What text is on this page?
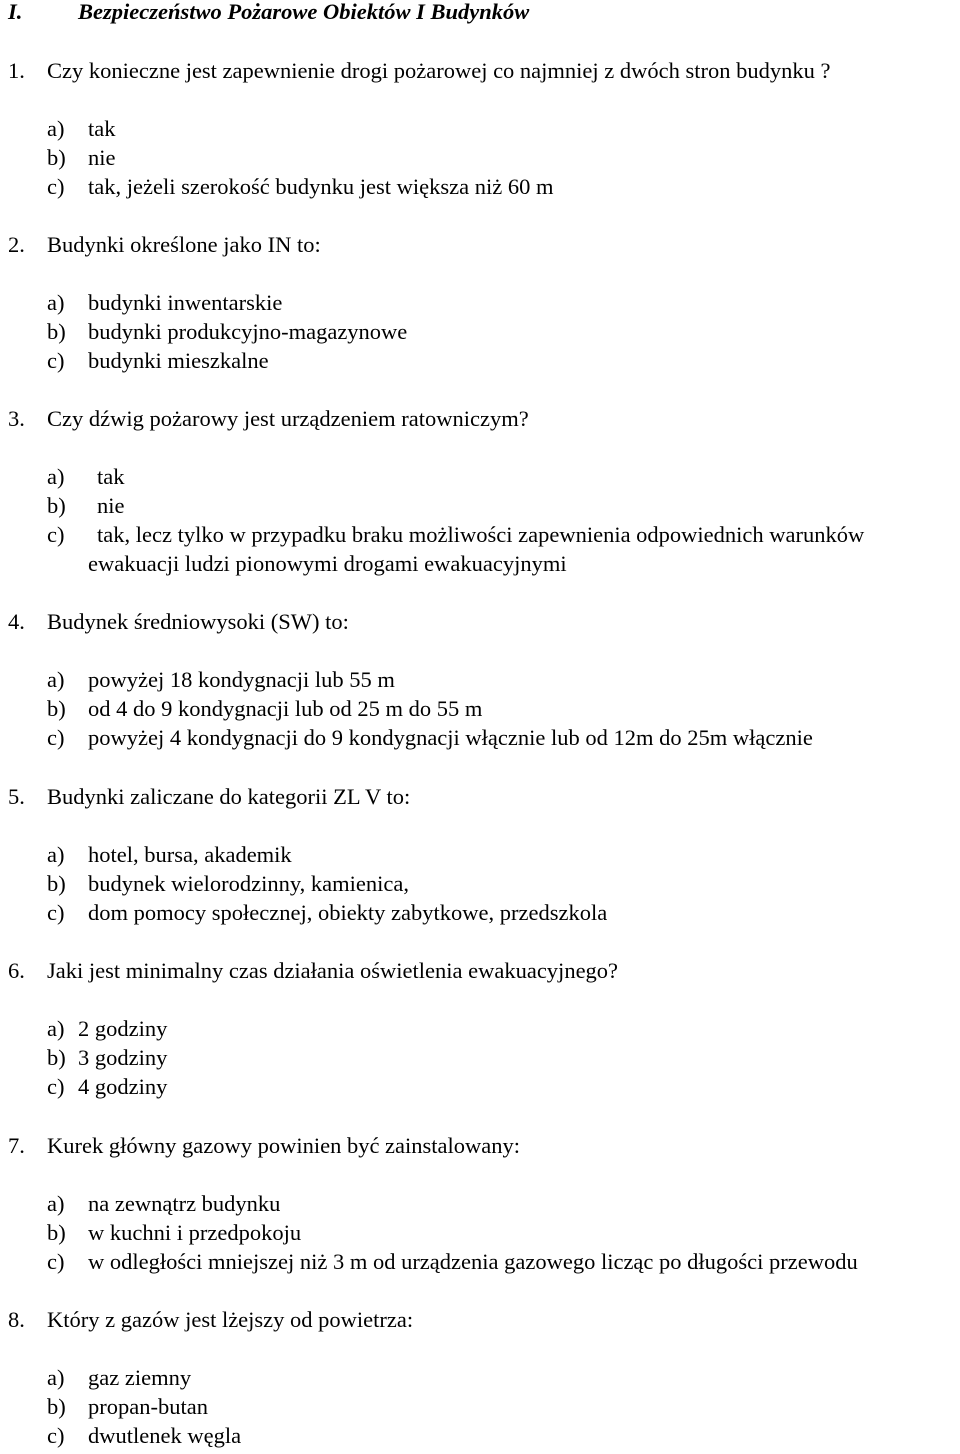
I. Bezpieczeństwo Pożarowe Obiektów I Budynków
1. Czy konieczne jest zapewnienie drogi pożarowej co najmniej z dwóch stron budynku ?
a) tak
b) nie
c) tak, jeżeli szerokość budynku jest większa niż 60 m
2. Budynki określone jako IN to:
a) budynki inwentarskie
b) budynki produkcyjno-magazynowe
c) budynki mieszkalne
3. Czy dźwig pożarowy jest urządzeniem ratowniczym?
a) tak
b) nie
c)	tak, lecz tylko w przypadku braku możliwości zapewnienia odpowiednich warunków ewakuacji ludzi pionowymi drogami ewakuacyjnymi
4. Budynek średniowysoki (SW) to:
a) powyżej 18 kondygnacji lub 55 m
b) od 4 do 9 kondygnacji lub od 25 m do 55 m
c) powyżej 4 kondygnacji do 9 kondygnacji włącznie lub od 12m do 25m włącznie
5. Budynki zaliczane do kategorii ZL V to:
a) hotel, bursa, akademik
b) budynek wielorodzinny, kamienica,
c) dom pomocy społecznej, obiekty zabytkowe, przedszkola
6. Jaki jest minimalny czas działania oświetlenia ewakuacyjnego?
a) 2 godziny
b) 3 godziny
c) 4 godziny
7. Kurek główny gazowy powinien być zainstalowany:
a) na zewnątrz budynku
b) w kuchni i przedpokoju
c) w odległości mniejszej niż 3 m od urządzenia gazowego licząc po długości przewodu
8. Który z gazów jest lżejszy od powietrza:
a) gaz ziemny
b) propan-butan
c) dwutlenek węgla
